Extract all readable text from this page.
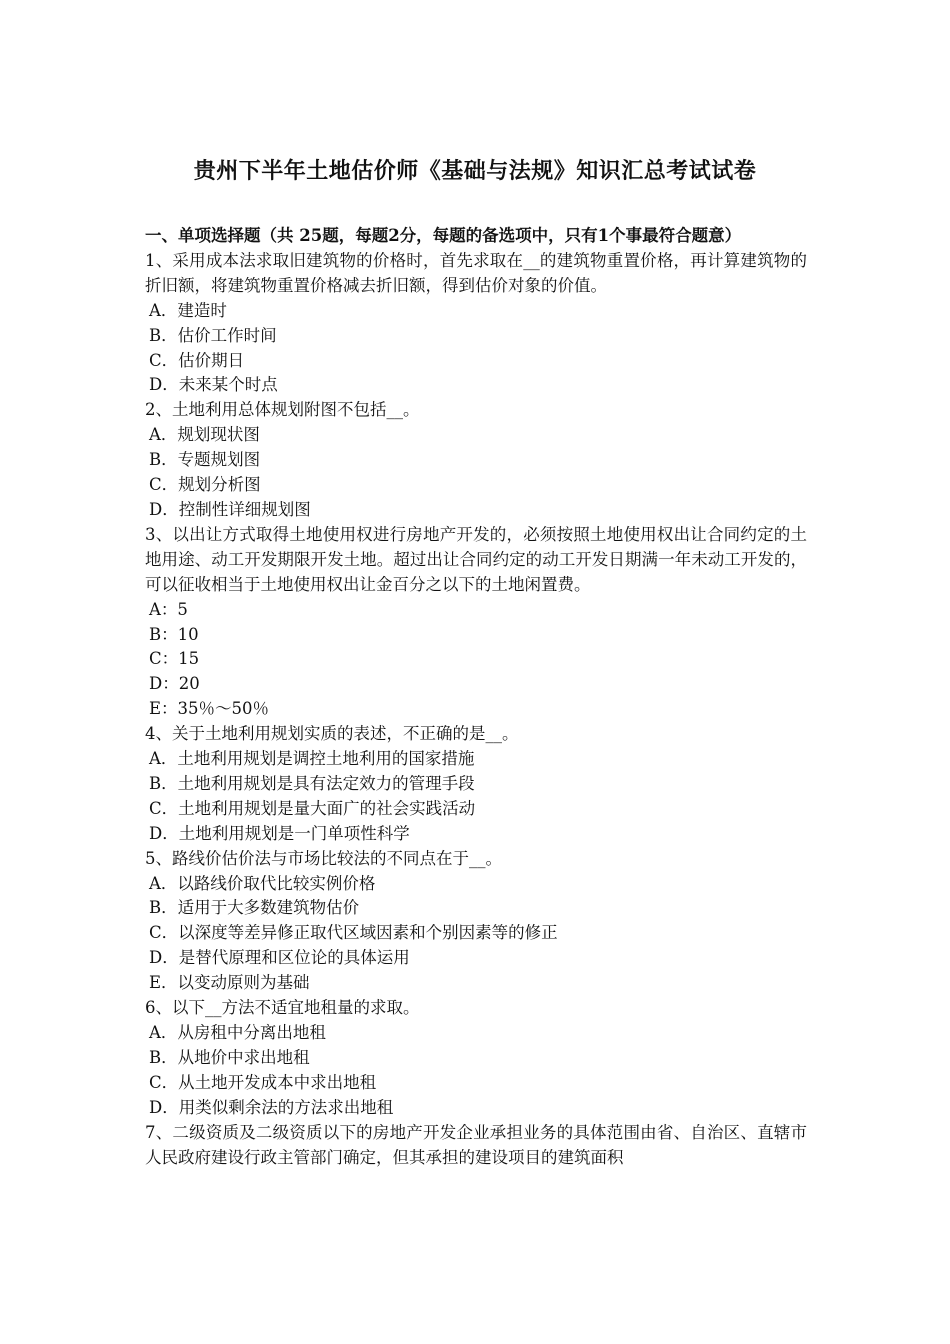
贵州下半年土地估价师《基础与法规》知识汇总考试试卷

一、单项选择题（共 25题，每题2分，每题的备选项中，只有1个事最符合题意）

1、采用成本法求取旧建筑物的价格时，首先求取在__的建筑物重置价格，再计算建筑物的折旧额，将建筑物重置价格减去折旧额，得到估价对象的价值。

A．建造时
B．估价工作时间
C．估价期日
D．未来某个时点

2、土地利用总体规划附图不包括__。

A．规划现状图
B．专题规划图
C．规划分析图
D．控制性详细规划图

3、以出让方式取得土地使用权进行房地产开发的，必须按照土地使用权出让合同约定的土地用途、动工开发期限开发土地。超过出让合同约定的动工开发日期满一年未动工开发的，可以征收相当于土地使用权出让金百分之以下的土地闲置费。

A：5
B：10
C：15
D：20
E：35％～50％

4、关于土地利用规划实质的表述，不正确的是__。

A．土地利用规划是调控土地利用的国家措施
B．土地利用规划是具有法定效力的管理手段
C．土地利用规划是量大面广的社会实践活动
D．土地利用规划是一门单项性科学

5、路线价估价法与市场比较法的不同点在于__。

A．以路线价取代比较实例价格
B．适用于大多数建筑物估价
C．以深度等差异修正取代区域因素和个别因素等的修正
D．是替代原理和区位论的具体运用
E．以变动原则为基础

6、以下__方法不适宜地租量的求取。

A．从房租中分离出地租
B．从地价中求出地租
C．从土地开发成本中求出地租
D．用类似剩余法的方法求出地租

7、二级资质及二级资质以下的房地产开发企业承担业务的具体范围由省、自治区、直辖市人民政府建设行政主管部门确定，但其承担的建设项目的建筑面积
